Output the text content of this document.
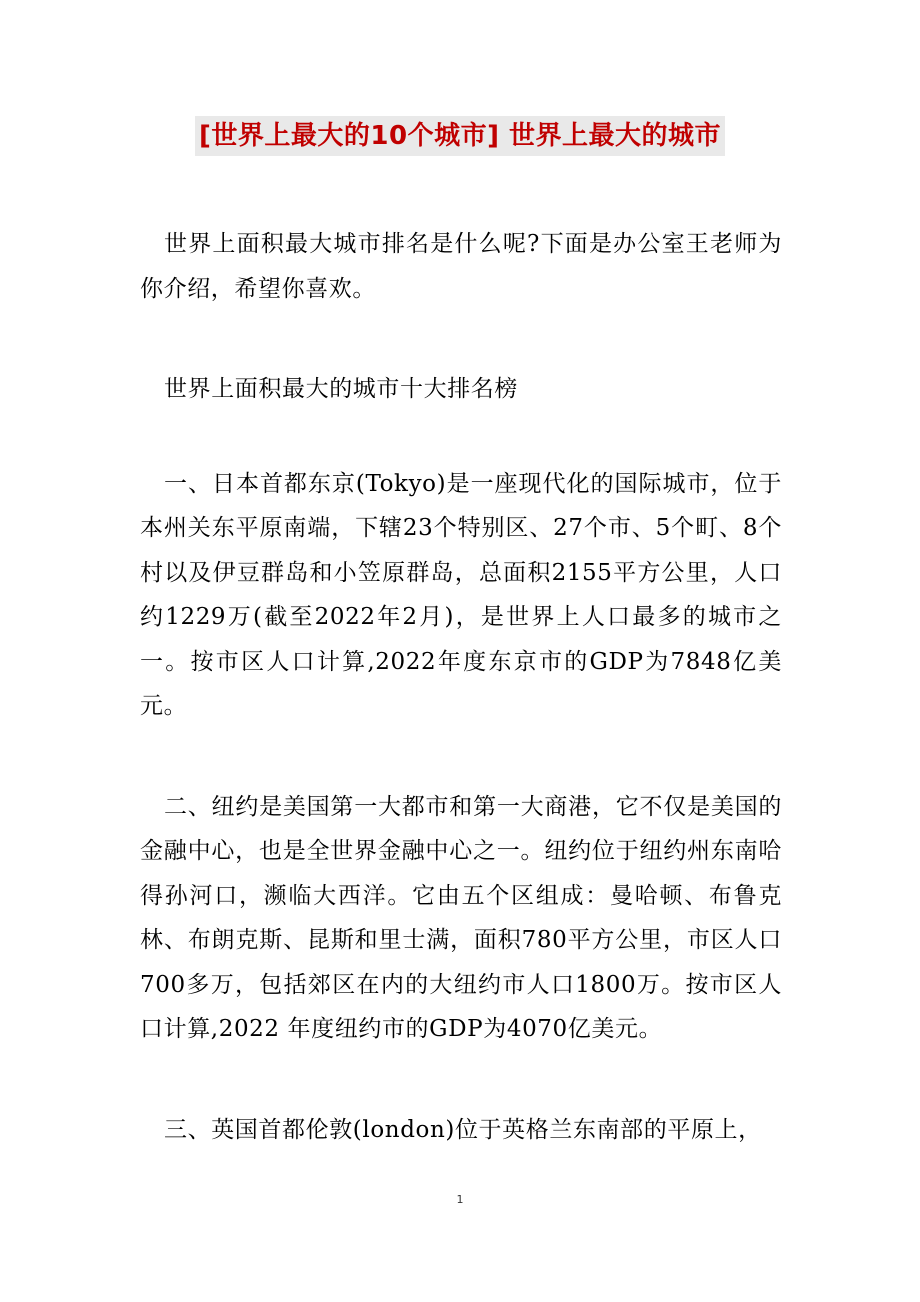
[世界上最大的10个城市] 世界上最大的城市

世界上面积最大城市排名是什么呢?下面是办公室王老师为你介绍，希望你喜欢。

世界上面积最大的城市十大排名榜

一、日本首都东京(Tokyo)是一座现代化的国际城市，位于本州关东平原南端，下辖23个特别区、27个市、5个町、8个村以及伊豆群岛和小笠原群岛，总面积2155平方公里，人口约1229万(截至2022年2月)，是世界上人口最多的城市之一。按市区人口计算,2022年度东京市的GDP为7848亿美元。

二、纽约是美国第一大都市和第一大商港，它不仅是美国的金融中心，也是全世界金融中心之一。纽约位于纽约州东南哈得孙河口，濒临大西洋。它由五个区组成：曼哈顿、布鲁克林、布朗克斯、昆斯和里士满，面积780平方公里，市区人口700多万，包括郊区在内的大纽约市人口1800万。按市区人口计算,2022 年度纽约市的GDP为4070亿美元。

三、英国首都伦敦(london)位于英格兰东南部的平原上，

1
